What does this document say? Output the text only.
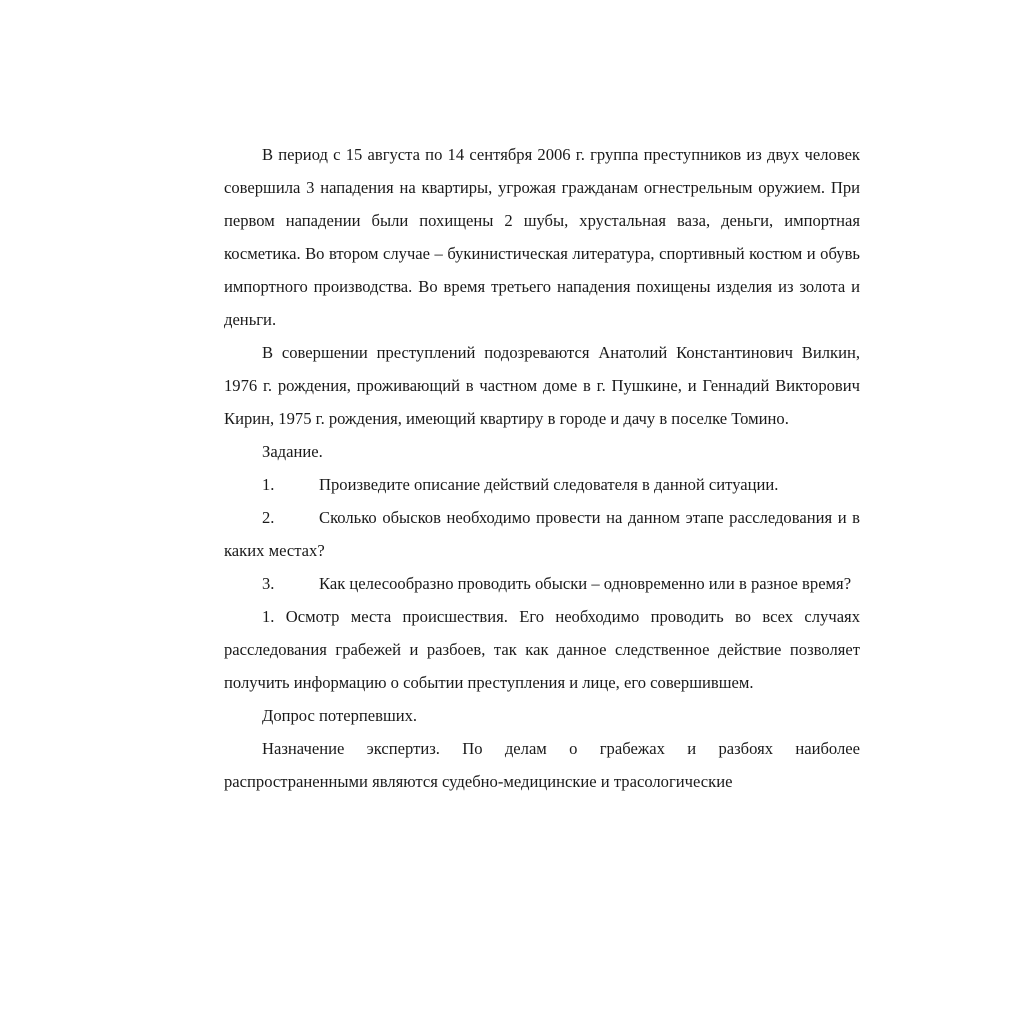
В период с 15 августа по 14 сентября 2006 г. группа преступников из двух человек совершила 3 нападения на квартиры, угрожая гражданам огнестрельным оружием. При первом нападении были похищены 2 шубы, хрустальная ваза, деньги, импортная косметика. Во втором случае – букинистическая литература, спортивный костюм и обувь импортного производства. Во время третьего нападения похищены изделия из золота и деньги.

В совершении преступлений подозреваются Анатолий Константинович Вилкин, 1976 г. рождения, проживающий в частном доме в г. Пушкине, и Геннадий Викторович Кирин, 1975 г. рождения, имеющий квартиру в городе и дачу в поселке Томино.

Задание.

1.	Произведите описание действий следователя в данной ситуации.

2.	Сколько обысков необходимо провести на данном этапе расследования и в каких местах?

3.	Как целесообразно проводить обыски – одновременно или в разное время?

1. Осмотр места происшествия. Его необходимо проводить во всех случаях расследования грабежей и разбоев, так как данное следственное действие позволяет получить информацию о событии преступления и лице, его совершившем.

Допрос потерпевших.

Назначение экспертиз. По делам о грабежах и разбоях наиболее распространенными являются судебно-медицинские и трасологические
